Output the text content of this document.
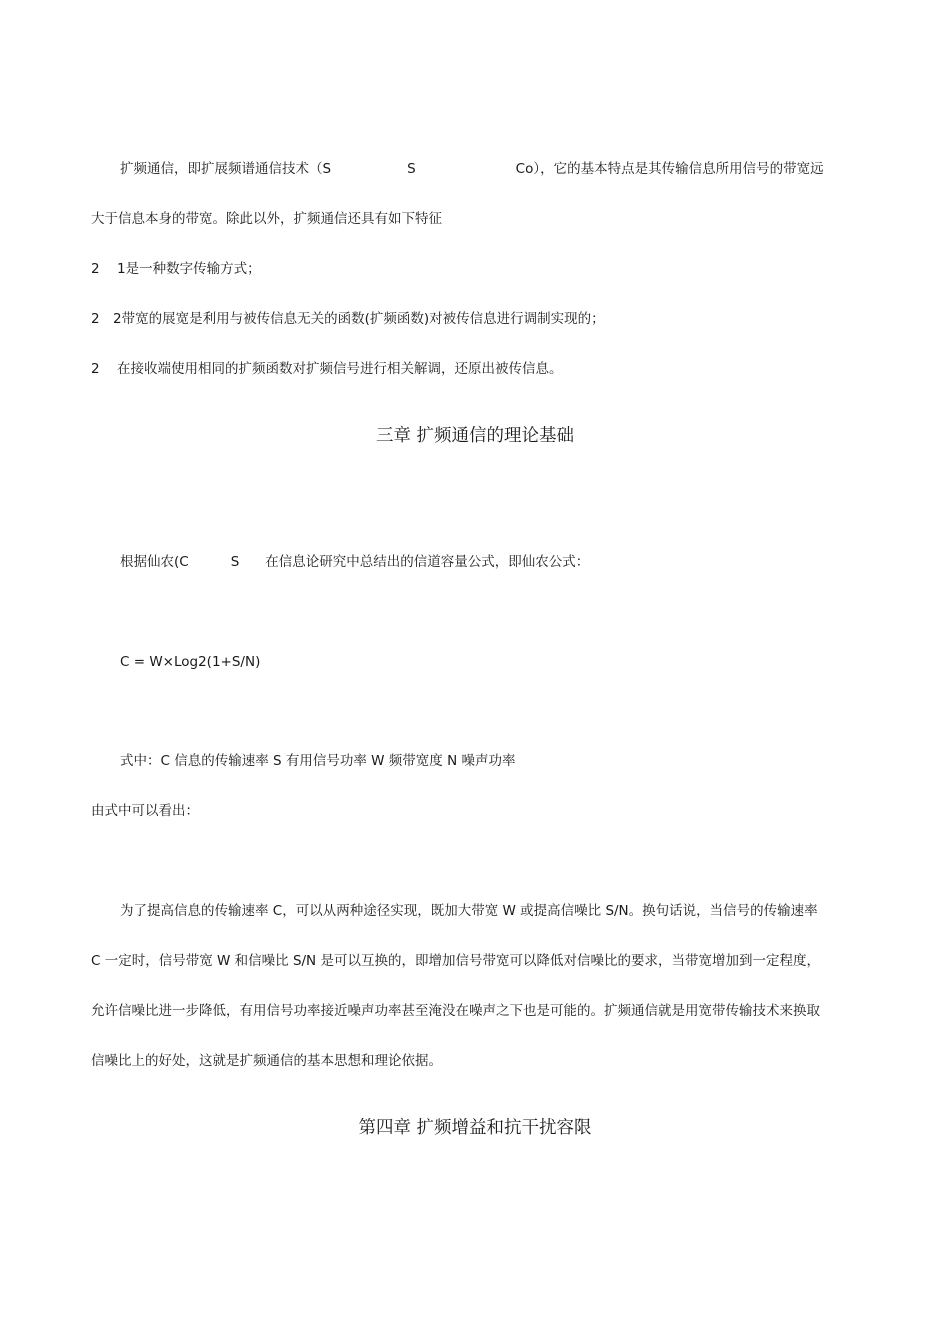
扩频通信，即扩展频谱通信技术（S	S	Co），它的基本特点是其传输信息所用信号的带宽远
大于信息本身的带宽。除此以外，扩频通信还具有如下特征
2 1是一种数字传输方式；
2 2带宽的展宽是利用与被传信息无关的函数(扩频函数)对被传信息进行调制实现的；
2 在接收端使用相同的扩频函数对扩频信号进行相关解调，还原出被传信息。
三章 扩频通信的理论基础
根据仙农(C	S 在信息论研究中总结出的信道容量公式，即仙农公式：
C = W×Log2(1+S/N)
式中：C 信息的传输速率 S 有用信号功率 W 频带宽度 N 噪声功率
由式中可以看出：
为了提高信息的传输速率 C，可以从两种途径实现，既加大带宽 W 或提高信噪比 S/N。换句话说，当信号的传输速率
C 一定时，信号带宽 W 和信噪比 S/N 是可以互换的，即增加信号带宽可以降低对信噪比的要求，当带宽增加到一定程度，
允许信噪比进一步降低，有用信号功率接近噪声功率甚至淹没在噪声之下也是可能的。扩频通信就是用宽带传输技术来换取
信噪比上的好处，这就是扩频通信的基本思想和理论依据。
第四章 扩频增益和抗干扰容限
